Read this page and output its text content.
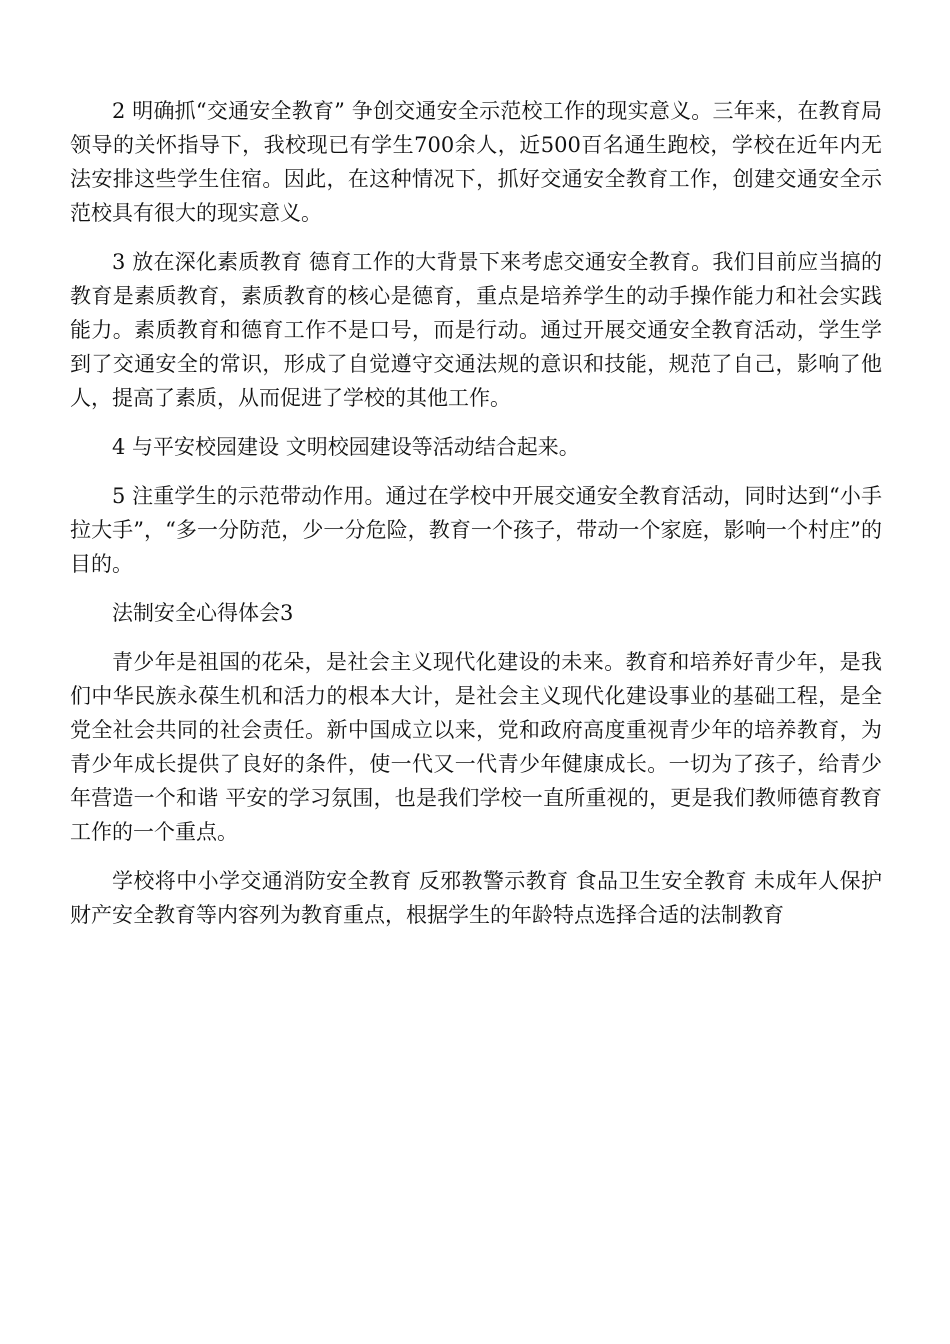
2 明确抓“交通安全教育” 争创交通安全示范校工作的现实意义。三年来，在教育局领导的关怀指导下，我校现已有学生700余人，近500百名通生跑校，学校在近年内无法安排这些学生住宿。因此，在这种情况下，抓好交通安全教育工作，创建交通安全示范校具有很大的现实意义。

3 放在深化素质教育 德育工作的大背景下来考虑交通安全教育。我们目前应当搞的教育是素质教育，素质教育的核心是德育，重点是培养学生的动手操作能力和社会实践能力。素质教育和德育工作不是口号，而是行动。通过开展交通安全教育活动，学生学到了交通安全的常识，形成了自觉遵守交通法规的意识和技能，规范了自己，影响了他人，提高了素质，从而促进了学校的其他工作。

4 与平安校园建设 文明校园建设等活动结合起来。

5 注重学生的示范带动作用。通过在学校中开展交通安全教育活动，同时达到“小手拉大手”，“多一分防范，少一分危险，教育一个孩子，带动一个家庭，影响一个村庄”的目的。

法制安全心得体会3

青少年是祖国的花朵，是社会主义现代化建设的未来。教育和培养好青少年，是我们中华民族永葆生机和活力的根本大计，是社会主义现代化建设事业的基础工程，是全党全社会共同的社会责任。新中国成立以来，党和政府高度重视青少年的培养教育，为青少年成长提供了良好的条件，使一代又一代青少年健康成长。一切为了孩子，给青少年营造一个和谐 平安的学习氛围，也是我们学校一直所重视的，更是我们教师德育教育工作的一个重点。

学校将中小学交通消防安全教育 反邪教警示教育 食品卫生安全教育 未成年人保护 财产安全教育等内容列为教育重点，根据学生的年龄特点选择合适的法制教育
